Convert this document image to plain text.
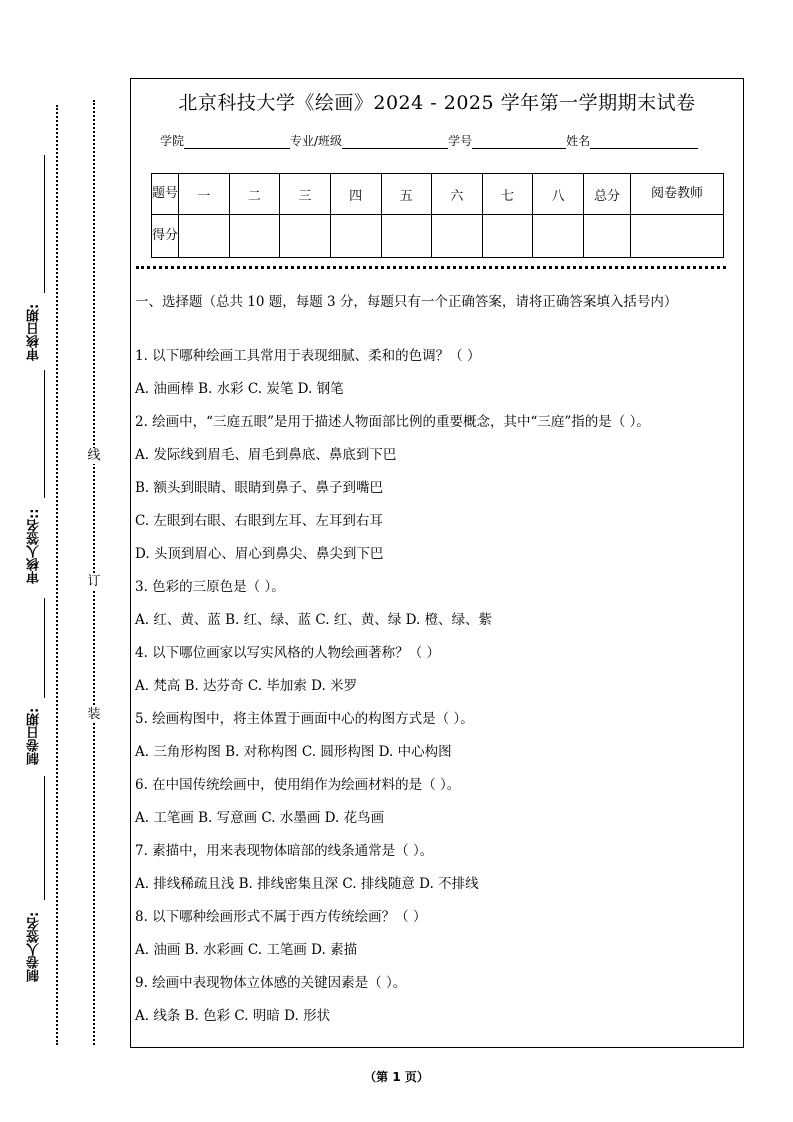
审核日期:
审核人签名::
制卷日期:
制卷人签名:
线
订
装
北京科技大学《绘画》2024 - 2025 学年第一学期期末试卷
学院	专业/班级	学号	姓名
题号	一	二	三	四	五	六	七	八	总分	阅卷教师
得分										

一、选择题（总共 10 题，每题 3 分，每题只有一个正确答案，请将正确答案填入括号内）

1. 以下哪种绘画工具常用于表现细腻、柔和的色调？（ ）
A. 油画棒 B. 水彩 C. 炭笔 D. 钢笔
2. 绘画中，“三庭五眼”是用于描述人物面部比例的重要概念，其中“三庭”指的是（ ）。
A. 发际线到眉毛、眉毛到鼻底、鼻底到下巴
B. 额头到眼睛、眼睛到鼻子、鼻子到嘴巴
C. 左眼到右眼、右眼到左耳、左耳到右耳
D. 头顶到眉心、眉心到鼻尖、鼻尖到下巴
3. 色彩的三原色是（ ）。
A. 红、黄、蓝 B. 红、绿、蓝 C. 红、黄、绿 D. 橙、绿、紫
4. 以下哪位画家以写实风格的人物绘画著称？（ ）
A. 梵高 B. 达芬奇 C. 毕加索 D. 米罗
5. 绘画构图中，将主体置于画面中心的构图方式是（ ）。
A. 三角形构图 B. 对称构图 C. 圆形构图 D. 中心构图
6. 在中国传统绘画中，使用绢作为绘画材料的是（ ）。
A. 工笔画 B. 写意画 C. 水墨画 D. 花鸟画
7. 素描中，用来表现物体暗部的线条通常是（ ）。
A. 排线稀疏且浅 B. 排线密集且深 C. 排线随意 D. 不排线
8. 以下哪种绘画形式不属于西方传统绘画？（ ）
A. 油画 B. 水彩画 C. 工笔画 D. 素描
9. 绘画中表现物体立体感的关键因素是（ ）。
A. 线条 B. 色彩 C. 明暗 D. 形状
（第 1 页）
